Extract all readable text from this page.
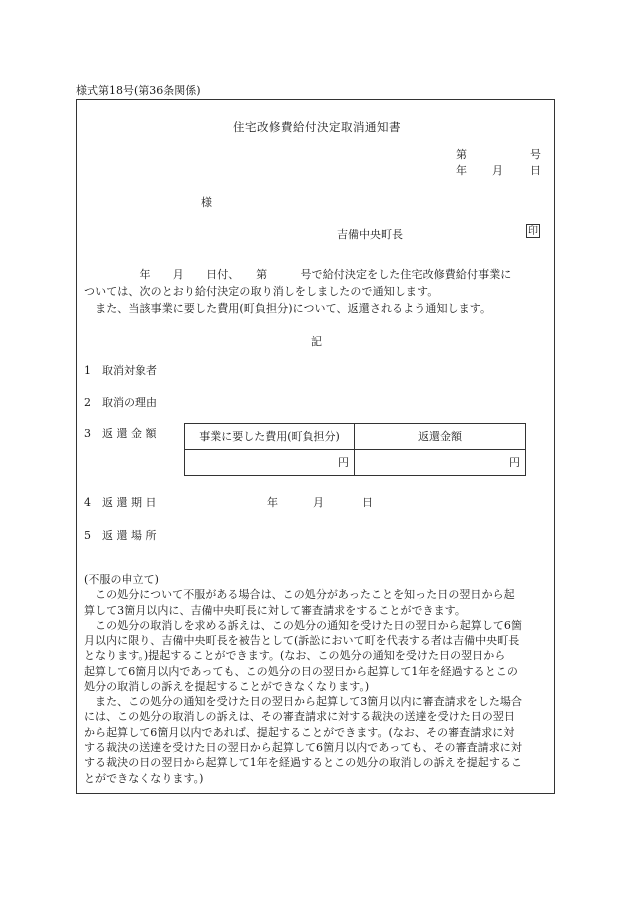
様式第18号(第36条関係)
住宅改修費給付決定取消通知書
第	号
年 月 日
様
吉備中央町長	印
　　　　　年　　月　　日付、　　第　　　号で給付決定をした住宅改修費給付事業に
ついては、次のとおり給付決定の取り消しをしましたので通知します。
　また、当該事業に要した費用(町負担分)について、返還されるよう通知します。
記
1　取消対象者
2　取消の理由
3　返 還 金 額	事業に要した費用(町負担分)	返還金額
円	円
4　返 還 期 日	年	月	日
5　返 還 場 所
(不服の申立て)
　この処分について不服がある場合は、この処分があったことを知った日の翌日から起
算して3箇月以内に、吉備中央町長に対して審査請求をすることができます。
　この処分の取消しを求める訴えは、この処分の通知を受けた日の翌日から起算して6箇
月以内に限り、吉備中央町長を被告として(訴訟において町を代表する者は吉備中央町長
となります。)提起することができます。(なお、この処分の通知を受けた日の翌日から
起算して6箇月以内であっても、この処分の日の翌日から起算して1年を経過するとこの
処分の取消しの訴えを提起することができなくなります。)
　また、この処分の通知を受けた日の翌日から起算して3箇月以内に審査請求をした場合
には、この処分の取消しの訴えは、その審査請求に対する裁決の送達を受けた日の翌日
から起算して6箇月以内であれば、提起することができます。(なお、その審査請求に対
する裁決の送達を受けた日の翌日から起算して6箇月以内であっても、その審査請求に対
する裁決の日の翌日から起算して1年を経過するとこの処分の取消しの訴えを提起するこ
とができなくなります。)
